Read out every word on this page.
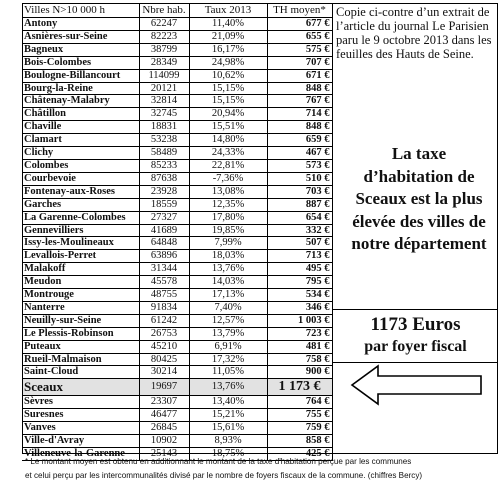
Villes N>10 000 h	Nbre hab.	Taux 2013	TH moyen*
Antony	62247	11,40%	677 €
Asnières-sur-Seine	82223	21,09%	655 €
Bagneux	38799	16,17%	575 €
Bois-Colombes	28349	24,98%	707 €
Boulogne-Billancourt	114099	10,62%	671 €
Bourg-la-Reine	20121	15,15%	848 €
Châtenay-Malabry	32814	15,15%	767 €
Châtillon	32745	20,94%	714 €
Chaville	18831	15,51%	848 €
Clamart	53238	14,80%	659 €
Clichy	58489	24,33%	467 €
Colombes	85233	22,81%	573 €
Courbevoie	87638	-7,36%	510 €
Fontenay-aux-Roses	23928	13,08%	703 €
Garches	18559	12,35%	887 €
La Garenne-Colombes	27327	17,80%	654 €
Gennevilliers	41689	19,85%	332 €
Issy-les-Moulineaux	64848	7,99%	507 €
Levallois-Perret	63896	18,03%	713 €
Malakoff	31344	13,76%	495 €
Meudon	45578	14,03%	795 €
Montrouge	48755	17,13%	534 €
Nanterre	91834	7,40%	346 €
Neuilly-sur-Seine	61242	12,57%	1 003 €
Le Plessis-Robinson	26753	13,79%	723 €
Puteaux	45210	6,91%	481 €
Rueil-Malmaison	80425	17,32%	758 €
Saint-Cloud	30214	11,05%	900 €
Sceaux	19697	13,76%	1 173 €
Sèvres	23307	13,40%	764 €
Suresnes	46477	15,21%	755 €
Vanves	26845	15,61%	759 €
Ville-d'Avray	10902	8,93%	858 €
Villeneuve-la-Garenne	25143	18,75%	425 €
Copie ci-contre d’un extrait de l’article du journal Le Parisien paru le 9 octobre 2013 dans les feuilles des Hauts de Seine.
La taxe d’habitation de Sceaux est la plus élevée des villes de notre département
1173 Euros
par foyer fiscal
* Le montant moyen est obtenu en additionnant le montant de la taxe d'habitation perçue par les communes
et celui perçu par les intercommunalités divisé par le nombre de foyers fiscaux de la commune. (chiffres Bercy)
